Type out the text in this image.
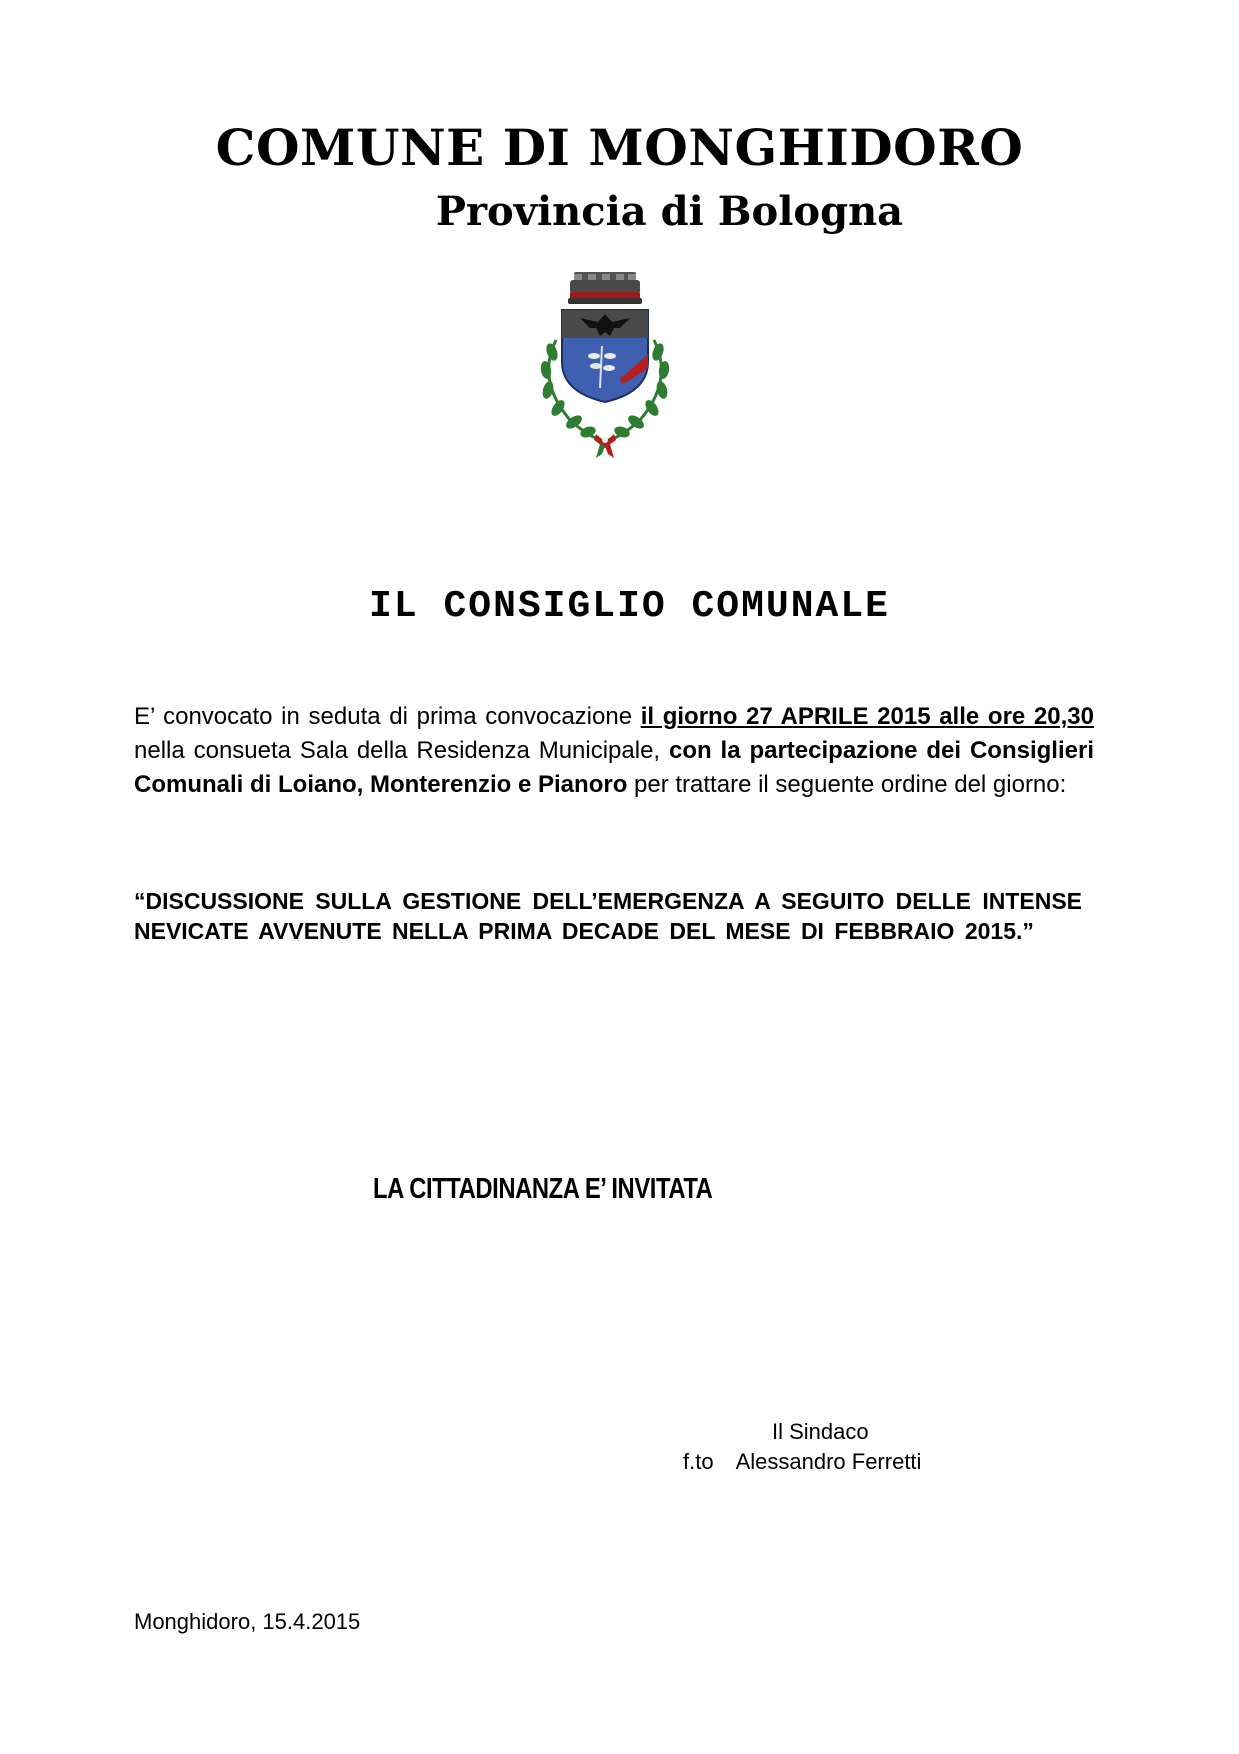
COMUNE DI MONGHIDORO
Provincia di Bologna
IL CONSIGLIO COMUNALE

E’ convocato in seduta di prima convocazione il giorno 27 APRILE 2015 alle ore 20,30 nella consueta Sala della Residenza Municipale, con la partecipazione dei Consiglieri Comunali di Loiano, Monterenzio e Pianoro per trattare il seguente ordine del giorno:

“DISCUSSIONE SULLA GESTIONE DELL’EMERGENZA A SEGUITO DELLE INTENSE NEVICATE AVVENUTE NELLA PRIMA DECADE DEL MESE DI FEBBRAIO 2015.”

LA CITTADINANZA E’ INVITATA

Il Sindaco

f.to Alessandro Ferretti

Monghidoro, 15.4.2015
